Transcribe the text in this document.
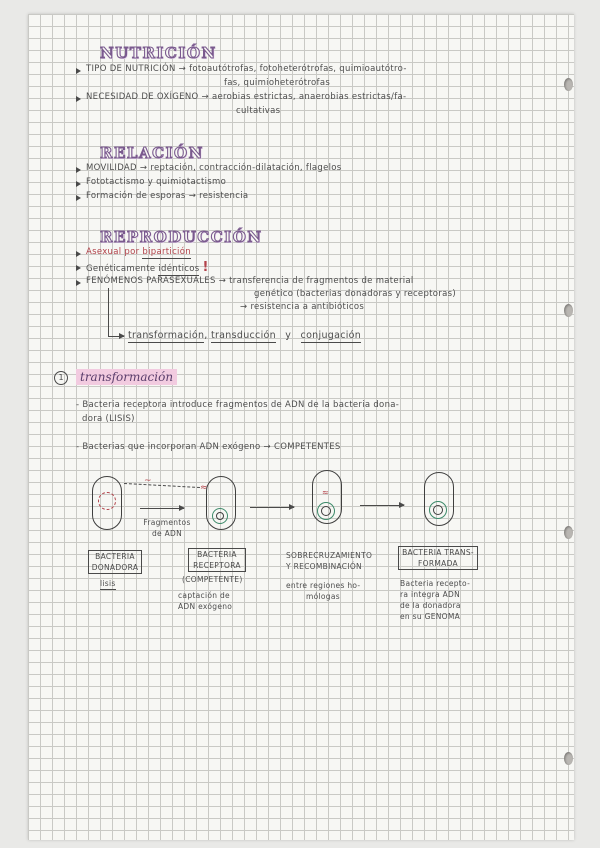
NUTRICIÓN
TIPO DE NUTRICIÓN → fotoautótrofas, fotoheterótrofas, quimioautótro-
fas, quimioheterótrofas
NECESIDAD DE OXÍGENO → aerobias estrictas, anaerobias estrictas/fa-
cultativas
RELACIÓN
MOVILIDAD → reptación, contracción-dilatación, flagelos
Fototactismo y quimiotactismo
Formación de esporas → resistencia
REPRODUCCIÓN
Asexual por bipartición
Genéticamente idénticos !
FENÓMENOS PARASEXUALES → transferencia de fragmentos de material
genético (bacterias donadoras y receptoras)
→ resistencia a antibióticos
transformación, transducción y conjugación
1	transformación
- Bacteria receptora introduce fragmentos de ADN de la bacteria dona-
dora (LISIS)
- Bacterias que incorporan ADN exógeno → COMPETENTES
~
≈
Fragmentos
de ADN
≈
BACTERIA
DONADORA
lisis
BACTERIA
RECEPTORA
(COMPETENTE)
captación de
ADN exógeno
SOBRECRUZAMIENTO
Y RECOMBINACIÓN
entre regiones ho-
mólogas
BACTERIA TRANS-
FORMADA
Bacteria recepto-
ra integra ADN
de la donadora
en su GENOMA
